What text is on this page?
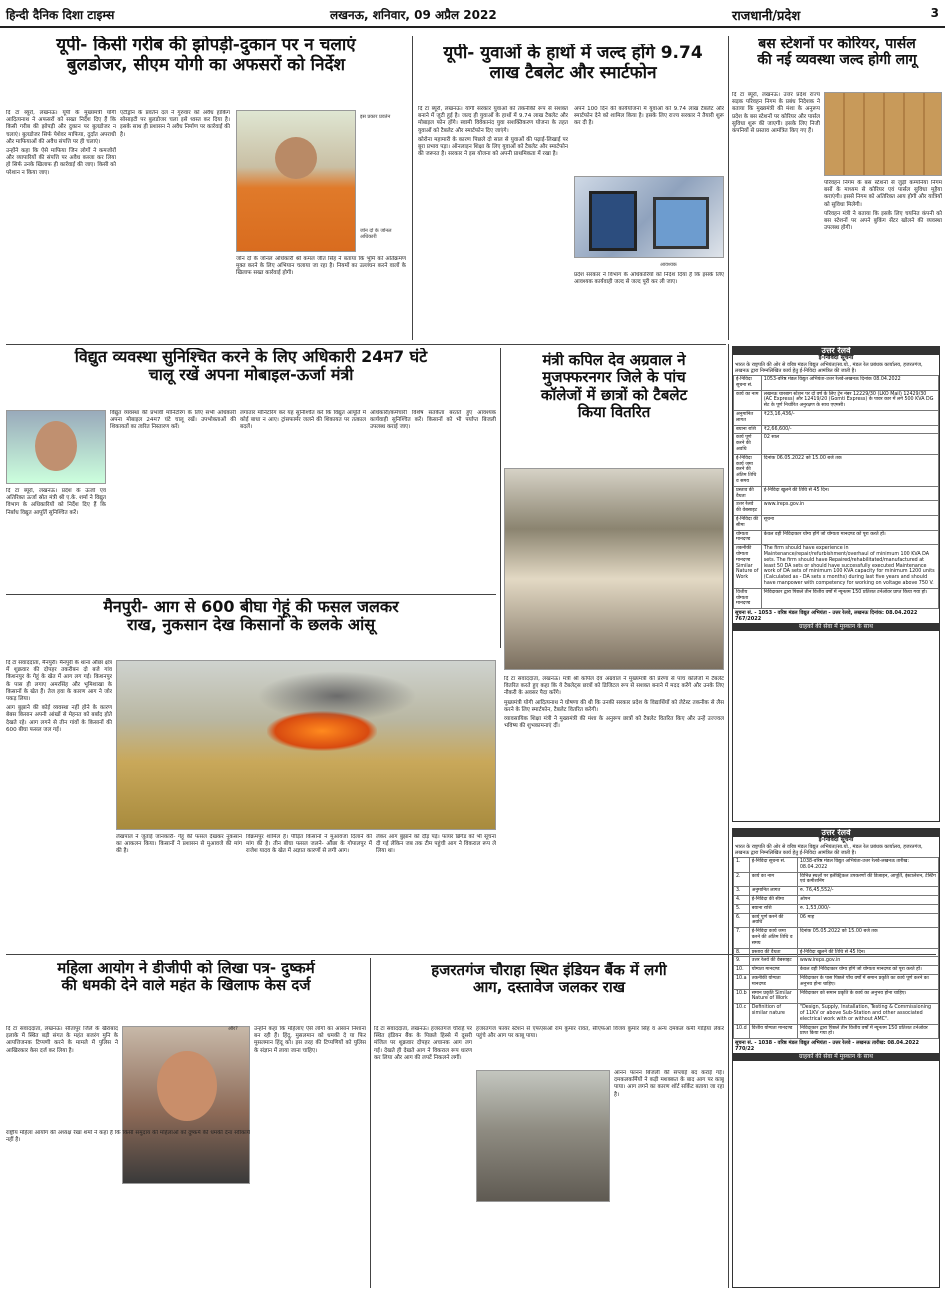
हिन्दी दैनिक दिशा टाइम्स	लखनऊ, शनिवार, 09 अप्रैल 2022	राजधानी/प्रदेश	3
यूपी- किसी गरीब की झोपड़ी-दुकान पर न चलाएं
बुलडोजर, सीएम योगी का अफसरों को निर्देश

दि टा ब्यूरो, लखनऊ। यूपी के मुख्यमंत्री योगी आदित्यनाथ ने अफसरों को सख्त निर्देश दिए हैं कि किसी गरीब की झोपड़ी और दुकान पर बुलडोजर न चलाएं। बुलडोजर सिर्फ पेशेवर माफिया, दुर्दांत अपराधी और माफियाओं की अवैध संपत्ति पर ही चलाएं।

उन्होंने कहा कि ऐसे माफिया जिन लोगों ने कमजोरों और व्यापारियों की संपत्ति पर अवैध कब्जा कर लिया हो सिर्फ उनके खिलाफ ही कार्रवाई की जाए। किसी को परेशान न किया जाए।

एंटीड्रोन के प्रवर्तन दल ने गुरुवार को अवैध हाकिंग सोसाइटी पर बुलडोजर चला इसे ध्वस्त कर दिया है। इसके साथ ही प्रशासन ने अवैध निर्माण पर कार्रवाई की है।

इस प्रकार प्रवर्तन
जोन दो के जोनल अधिकारी

जोन दो के जोनल अधिकारी श्री कमल जीत सिंह ने बताया कि भूमि को अतिक्रमण मुक्त करने के लिए अभियान चलाया जा रहा है। नियमों का उल्लंघन करने वालों के खिलाफ सख्त कार्रवाई होगी।

यूपी- युवाओं के हाथों में जल्द होंगे 9.74
लाख टैबलेट और स्मार्टफोन

दि टा ब्यूरो, लखनऊ। योगी सरकार युवाओं को तकनीकी रूप से सशक्त बनाने में जुटी हुई है। जल्द ही युवाओं के हाथों में 9.74 लाख टैबलेट और मोबाइल फोन होंगे। स्वामी विवेकानंद युवा सशक्तिकरण योजना के तहत युवाओं को टैबलेट और स्मार्टफोन दिए जाएंगे।

कोरोना महामारी के कारण पिछले दो साल से युवाओं की पढ़ाई-लिखाई पर बुरा प्रभाव पड़ा। ऑनलाइन शिक्षा के लिए युवाओं को टैबलेट और स्मार्टफोन की जरूरत है। सरकार ने इस योजना को अपनी प्राथमिकता में रखा है।

अपने 100 दिन की कार्ययोजना में युवाओं को 9.74 लाख टैबलेट और स्मार्टफोन देने को शामिल किया है। इसके लिए राज्य सरकार ने तैयारी शुरू कर दी है।

आवश्यक

प्रदेश सरकार ने विभाग के अधिकारियों को निर्देश दिया है कि इसके लिए आवश्यक कार्यवाही जल्द से जल्द पूरी कर ली जाए।

बस स्टेशनों पर कोरियर, पार्सल
की नई व्यवस्था जल्द होगी लागू

दि टा ब्यूरो, लखनऊ। उत्तर प्रदेश राज्य सड़क परिवहन निगम के प्रबंध निदेशक ने बताया कि मुख्यमंत्री की मंशा के अनुरूप प्रदेश के बस स्टेशनों पर कोरियर और पार्सल सुविधा शुरू की जाएगी। इसके लिए निजी कंपनियों से प्रस्ताव आमंत्रित किए गए हैं।

परिवहन निगम के बस स्टेशनों से जुड़ी कम्पनियां निगम बसों के माध्यम से कोरियर एवं पार्सल सुविधा मुहैया कराएंगी। इससे निगम को अतिरिक्त आय होगी और यात्रियों को सुविधा मिलेगी।

परिवहन मंत्री ने बताया कि इसके लिए चयनित कंपनी को बस स्टेशनों पर अपने बुकिंग सेंटर खोलने की व्यवस्था उपलब्ध होगी।

विद्युत व्यवस्था सुनिश्चित करने के लिए अधिकारी 24म7 घंटे
चालू रखें अपना मोबाइल-ऊर्जा मंत्री

दि टा ब्यूरो, लखनऊ। प्रदेश के ऊर्जा एवं अतिरिक्त ऊर्जा स्रोत मंत्री श्री ए.के. शर्मा ने विद्युत विभाग के अधिकारियों को निर्देश दिए हैं कि निर्बाध विद्युत आपूर्ति सुनिश्चित करें।

विद्युत व्यवस्था की प्रभावी मॉनिटरिंग के लिए सभी अधिकारी अपना मोबाइल 24म7 घंटे चालू रखें। उपभोक्ताओं की शिकायतों का त्वरित निस्तारण करें।

लगातार मॉनिटरिंग कर यह सुनिश्चित करें कि विद्युत आपूर्ति में कोई बाधा न आए। ट्रांसफार्मर जलने की शिकायत पर तत्काल बदलें।

अधिकारी/कर्मचारी विशेष सतर्कता बरतते हुए आवश्यक कार्यवाही सुनिश्चित करें। किसानों को भी पर्याप्त बिजली उपलब्ध कराई जाए।

मंत्री कपिल देव अग्रवाल ने
मुजफ्फरनगर जिले के पांच
कॉलेजों में छात्रों को टैबलेट
किया वितरित

दि टा संवाददाता, लखनऊ। मंत्री श्री कपिल देव अग्रवाल ने मुख्यमंत्री की प्रेरणा से पांच कॉलेजों में टैबलेट वितरित करते हुए कहा कि ये टैबलेट्स छात्रों को डिजिटल रूप से सशक्त बनाने में मदद करेंगे और उनके लिए नौकरी के अवसर पैदा करेंगे।

मुख्यमंत्री योगी आदित्यनाथ ने घोषणा की थी कि उनकी सरकार प्रदेश के विद्यार्थियों को लेटेस्ट तकनीक से लैस करने के लिए स्मार्टफोन, टैबलेट वितरित करेगी।

व्यावसायिक शिक्षा मंत्री ने मुख्यमंत्री की मंशा के अनुरूप छात्रों को टैबलेट वितरित किए और उन्हें उज्ज्वल भविष्य की शुभकामनाएं दीं।

मैनपुरी- आग से 600 बीघा गेहूं की फसल जलकर
राख, नुकसान देख किसानों के छलके आंसू

दि टा संवाददाता, मैनपुरी। मैनपुरी के थाना औंछा क्षेत्र में शुक्रवार की दोपहर तकरीबन दो बजे गांव किशनपुर के गेहूं के खेत में आग लग गई। किशनपुर के पास ही लगाए अमरसिंह और भूमिशाखा के किसानों के खेत हैं। तेज हवा के कारण आग ने जोर पकड़ लिया।

आग बुझाने की कोई व्यवस्था नहीं होने के कारण बेबस किसान अपनी आंखों से मेहनत को बर्बाद होते देखते रहे। आग लगने से तीन गांवों के किसानों की 600 बीघा फसल जल गई।

लेखपाल ने जुताई जानकारी- गेहूं की फसल देखकर नुकसान का आकलन किया। किसानों ने प्रशासन से मुआवजे की मांग की है।

विक्रमपुर शामिल हैं। पीड़ित किसानों ने मुआवजा दिलाने की मांग की है। तीन बीघा फसल जलने- औंछा के गोपालपुर में राजेश यादव के खेत में अज्ञात कारणों से लगी आग।

लेकर आग बुझाने को दौड़ पड़े। फायर ब्रिगेड को भी सूचना दी गई लेकिन जब तक टीम पहुंची आग ने विकराल रूप ले लिया था।

महिला आयोग ने डीजीपी को लिखा पत्र- दुष्कर्म
की धमकी देने वाले महंत के खिलाफ केस दर्ज

दि टा संवाददाता, लखनऊ। सीतापुर जिले के खैराबाद इलाके में स्थित बड़ी संगत के महंत बजरंग मुनि के आपत्तिजनक टिप्पणी करने के मामले में पुलिस ने आखिरकार केस दर्ज कर लिया है।

और?

राष्ट्रीय महिला आयोग की अध्यक्ष रेखा शर्मा ने कहा है कि किसी समुदाय की महिलाओं को दुष्कर्म की धमकी देना स्वीकार्य नहीं है।

उन्होंने कहा कि महिलाएं ऐसे लोगों का आसान निशाना बन रही हैं। हिंदू, मुसलमान को धमकी दे या फिर मुसलमान हिंदू को। इस तरह की टिप्पणियों को पुलिस के संज्ञान में लाया जाना चाहिए।

हजरतगंज चौराहा स्थित इंडियन बैंक में लगी
आग, दस्तावेज जलकर राख

दि टा संवाददाता, लखनऊ। हजरतगंज चौराहे पर स्थित इंडियन बैंक के पिछले हिस्से में दूसरी मंजिल पर शुक्रवार दोपहर अचानक आग लग गई। देखते ही देखते आग ने विकराल रूप धारण कर लिया और आग की लपटें निकलने लगीं।

हजरतगंज फायर स्टेशन से एफएसओ राम कुमार रावत, सीएफओ विजय कुमार सिंह व अन्य दमकल कर्मी गाड़ियां लेकर पहुंचे और आग पर काबू पाया।

आनन फानन बिजली की सप्लाई बंद कराई गई। दमकलकर्मियों ने कड़ी मशक्कत के बाद आग पर काबू पाया। आग लगने का कारण शॉर्ट सर्किट बताया जा रहा है।

उत्तर रेलवे
ई-निविदा सूचना
भारत के राष्ट्रपति की ओर से वरिष्ठ मंडल विद्युत अभियंता/सा.यो., मंडल रेल प्रबंधक कार्यालय, हजरतगंज, लखनऊ द्वारा निम्नलिखित कार्य हेतु ई-निविदा आमंत्रित की जाती है।
ई-निविदा सूचना सं.	1053-वरिष्ठ मंडल विद्युत अभियंता-उत्तर रेलवे-लखनऊ दिनांक 08.04.2022
कार्य का नाम	लखनऊ चारबाग स्टेशन पर दो वर्ष के लिए ट्रेन नंबर 12229/30 (LKO Mail) 12429/30 (AC Express) और 12419/20 (Gomti Express) के पावर कार में लगे 500 KVA DG सेट के पूर्ण निर्धारित अनुरक्षण के साथ एएमसी।
अनुमानित लागत	₹23,16,436/-
बयाना राशि	₹2,66,600/-
कार्य पूर्ण करने की अवधि	02 साल
ई-निविदा कार्य जमा करने की अंतिम तिथि व समय	दिनांक 06.05.2022 को 15.00 बजे तक
प्रस्ताव की वैधता	ई-निविदा खुलने की तिथि से 45 दिन।
उत्तर रेलवे की वेबसाइट	www.ireps.gov.in
ई-निविदा की सीमा	सूचना
योग्यता मानदण्ड	केवल वही निविदाकार योग्य होंगे जो योग्यता मानदण्ड को पूरा करते हों।
तकनीकी योग्यता मानदण्ड Similar Nature of Work	The firm should have experience in Maintenance/repair/refurbishment/overhaul of minimum 100 KVA DA sets. The firm should have Repaired/rehabilitated/manufactured at least 50 DA sets or should have successfully executed Maintenance work of DA sets of minimum 100 KVA capacity for minimum 1200 units (Calculated as - DA sets x months) during last five years and should have manpower with competency for working on voltage above 750 V.
वित्तीय योग्यता मानदण्ड	निविदाकार द्वारा पिछले तीन वित्तीय वर्षों में न्यूनतम 150 प्रतिशत टर्नओवर प्राप्त किया गया हो।
सूचना सं. - 1053 - वरिष्ठ मंडल विद्युत अभियंता - उत्तर रेलवे, लखनऊ दिनांक: 08.04.2022 767/2022
ग्राहकों की सेवा में मुस्कान के साथ
उत्तर रेलवे
ई-निविदा सूचना
भारत के राष्ट्रपति की ओर से वरिष्ठ मंडल विद्युत अभियंता/सा.यो., मंडल रेल प्रबंधक कार्यालय, हजरतगंज, लखनऊ द्वारा निम्नलिखित कार्य हेतु ई-निविदा आमंत्रित की जाती है।
1.	ई-निविदा सूचना सं.	1038-वरिष्ठ मंडल विद्युत अभियंता-उत्तर रेलवे-लखनऊ तारीख: 08.04.2022
2.	कार्य का नाम	विभिन्न स्थलों पर इलेक्ट्रिकल उपकरणों की डिजाइन, आपूर्ति, इंस्टालेशन, टेस्टिंग एवं कमीशनिंग
3.	अनुमानित लागत	रु. 76,45,552/-
4.	ई-निविदा की सीमा	ओपन
5.	बयाना राशि	रु. 1,53,000/-
6.	कार्य पूर्ण करने की अवधि	06 माह
7.	ई-निविदा कार्य जमा करने की अंतिम तिथि व समय	दिनांक 05.05.2022 को 15.00 बजे तक
8.	प्रस्ताव की वैधता	ई-निविदा खुलने की तिथि से 45 दिन।
9.	उत्तर रेलवे की वेबसाइट	www.ireps.gov.in
10.	योग्यता मानदण्ड	केवल वही निविदाकार योग्य होंगे जो योग्यता मानदण्ड को पूरा करते हों।
10.a	तकनीकी योग्यता मानदण्ड	निविदाकार के पास पिछले पाँच वर्षों में समान प्रकृति का कार्य पूर्ण करने का अनुभव होना चाहिए।
10.b	समान प्रकृति Similar Nature of Work	निविदाकार को समान प्रकृति के कार्य का अनुभव होना चाहिए।
10.c	Definition of similar nature	"Design, Supply, Installation, Testing & Commissioning of 11KV or above Sub-Station and other associated electrical work with or without AMC".
10.d	वित्तीय योग्यता मानदण्ड	निविदाकार द्वारा पिछले तीन वित्तीय वर्षों में न्यूनतम 150 प्रतिशत टर्नओवर प्राप्त किया गया हो।
सूचना सं. - 1038 - वरिष्ठ मंडल विद्युत अभियंता - उत्तर रेलवे - लखनऊ तारीख: 08.04.2022 770/22
ग्राहकों की सेवा में मुस्कान के साथ
